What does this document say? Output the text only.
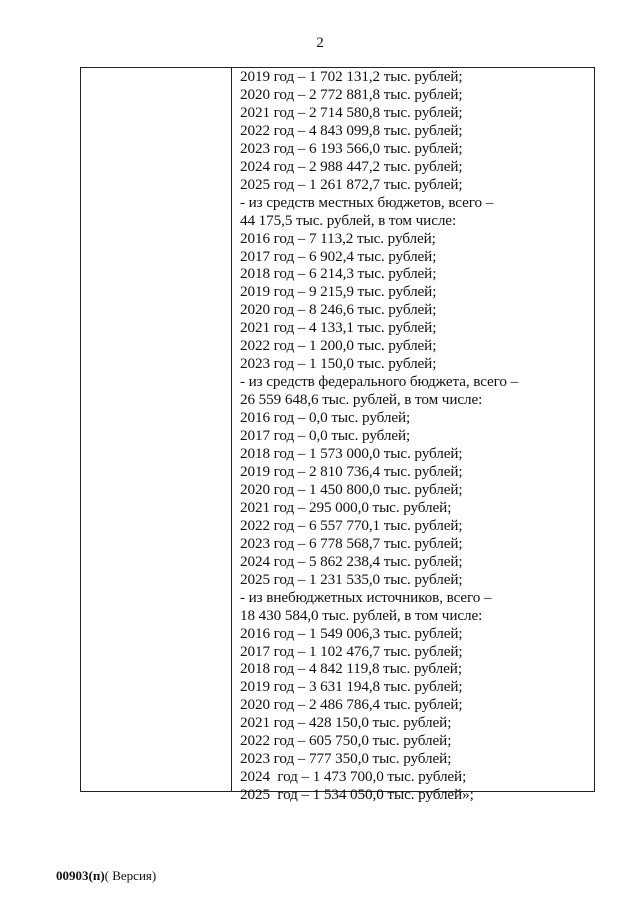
2
2019 год – 1 702 131,2 тыс. рублей;
2020 год – 2 772 881,8 тыс. рублей;
2021 год – 2 714 580,8 тыс. рублей;
2022 год – 4 843 099,8 тыс. рублей;
2023 год – 6 193 566,0 тыс. рублей;
2024 год – 2 988 447,2 тыс. рублей;
2025 год – 1 261 872,7 тыс. рублей;
- из средств местных бюджетов, всего –
44 175,5 тыс. рублей, в том числе:
2016 год – 7 113,2 тыс. рублей;
2017 год – 6 902,4 тыс. рублей;
2018 год – 6 214,3 тыс. рублей;
2019 год – 9 215,9 тыс. рублей;
2020 год – 8 246,6 тыс. рублей;
2021 год – 4 133,1 тыс. рублей;
2022 год – 1 200,0 тыс. рублей;
2023 год – 1 150,0 тыс. рублей;
- из средств федерального бюджета, всего –
26 559 648,6 тыс. рублей, в том числе:
2016 год – 0,0 тыс. рублей;
2017 год – 0,0 тыс. рублей;
2018 год – 1 573 000,0 тыс. рублей;
2019 год – 2 810 736,4 тыс. рублей;
2020 год – 1 450 800,0 тыс. рублей;
2021 год – 295 000,0 тыс. рублей;
2022 год – 6 557 770,1 тыс. рублей;
2023 год – 6 778 568,7 тыс. рублей;
2024 год – 5 862 238,4 тыс. рублей;
2025 год – 1 231 535,0 тыс. рублей;
- из внебюджетных источников, всего –
18 430 584,0 тыс. рублей, в том числе:
2016 год – 1 549 006,3 тыс. рублей;
2017 год – 1 102 476,7 тыс. рублей;
2018 год – 4 842 119,8 тыс. рублей;
2019 год – 3 631 194,8 тыс. рублей;
2020 год – 2 486 786,4 тыс. рублей;
2021 год – 428 150,0 тыс. рублей;
2022 год – 605 750,0 тыс. рублей;
2023 год – 777 350,0 тыс. рублей;
2024  год – 1 473 700,0 тыс. рублей;
2025  год – 1 534 050,0 тыс. рублей»;
00903(п)( Версия)
